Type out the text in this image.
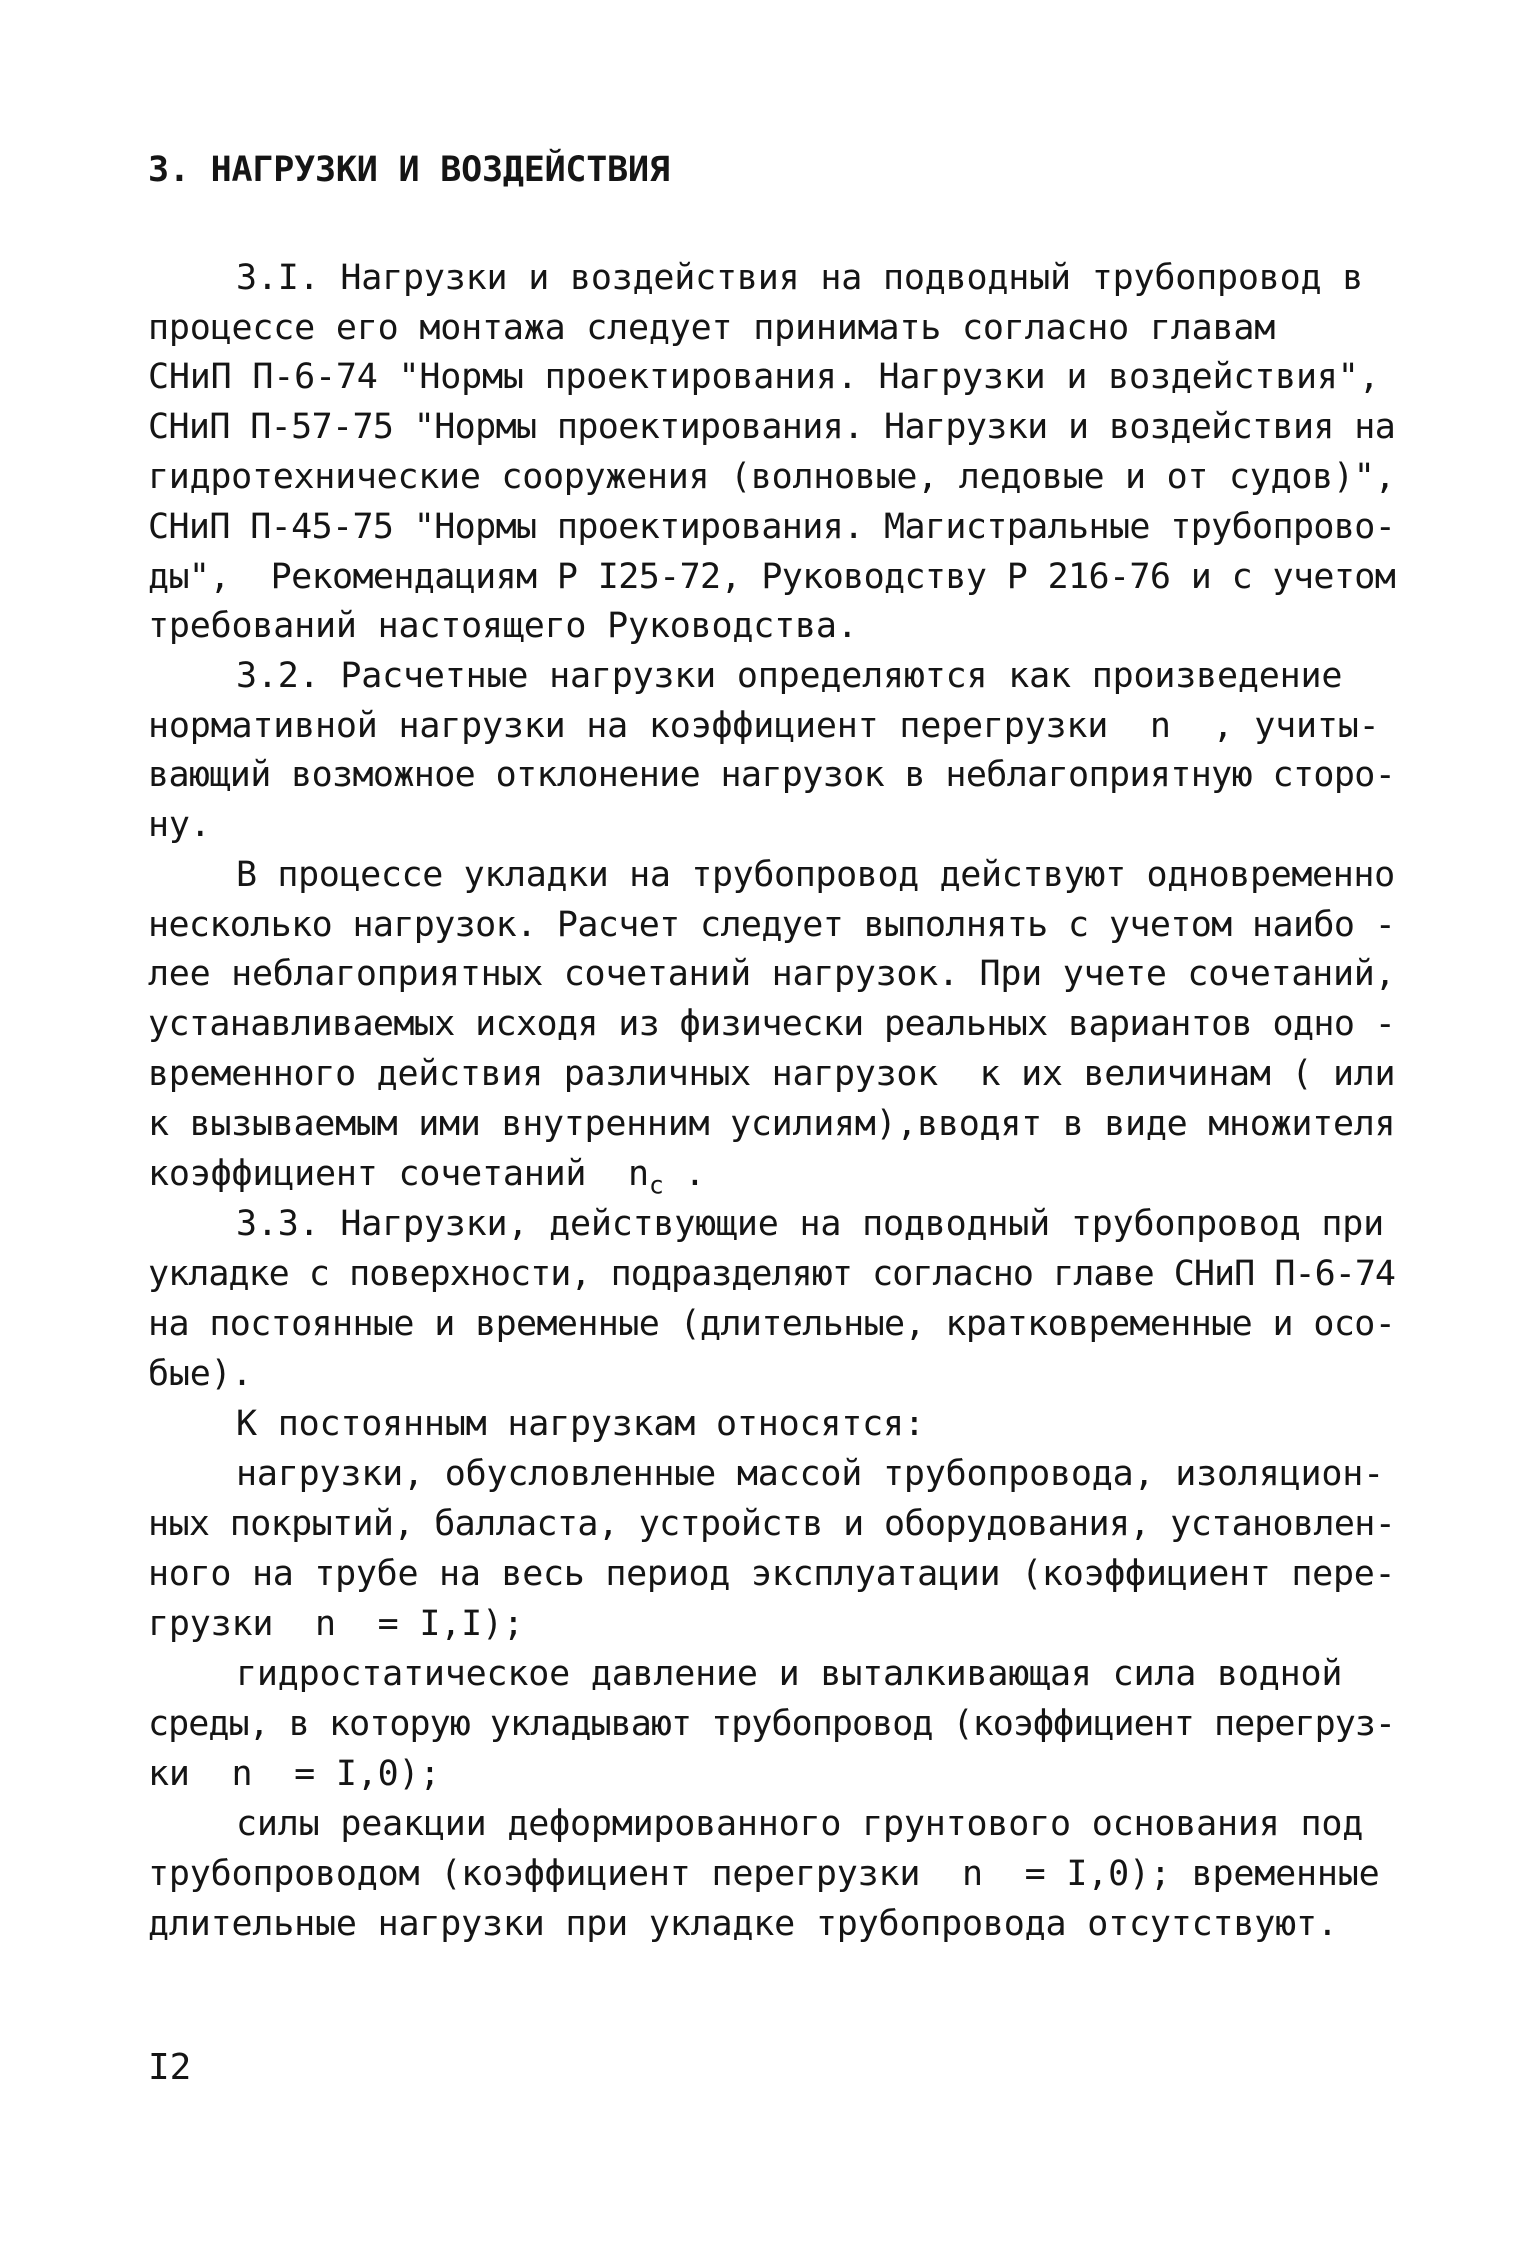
3. НАГРУЗКИ И ВОЗДЕЙСТВИЯ
3.I. Нагрузки и воздействия на подводный трубопровод в
процессе его монтажа следует принимать согласно главам
СНиП П-6-74 "Нормы проектирования. Нагрузки и воздействия",
СНиП П-57-75 "Нормы проектирования. Нагрузки и воздействия на
гидротехнические сооружения (волновые, ледовые и от судов)",
СНиП П-45-75 "Нормы проектирования. Магистральные трубопрово-
ды",  Рекомендациям Р I25-72, Руководству Р 216-76 и с учетом
требований настоящего Руководства.
3.2. Расчетные нагрузки определяются как произведение
нормативной нагрузки на коэффициент перегрузки  n  , учиты-
вающий возможное отклонение нагрузок в неблагоприятную сторо-
ну.
В процессе укладки на трубопровод действуют одновременно
несколько нагрузок. Расчет следует выполнять с учетом наибо -
лее неблагоприятных сочетаний нагрузок. При учете сочетаний,
устанавливаемых исходя из физически реальных вариантов одно -
временного действия различных нагрузок  к их величинам ( или
к вызываемым ими внутренним усилиям),вводят в виде множителя
коэффициент сочетаний  $n_c$ .
3.3. Нагрузки, действующие на подводный трубопровод при
укладке с поверхности, подразделяют согласно главе СНиП П-6-74
на постоянные и временные (длительные, кратковременные и осо-
бые).
К постоянным нагрузкам относятся:
нагрузки, обусловленные массой трубопровода, изоляцион-
ных покрытий, балласта, устройств и оборудования, установлен-
ного на трубе на весь период эксплуатации (коэффициент пере-
грузки  n  = I,I);
гидростатическое давление и выталкивающая сила водной
среды, в которую укладывают трубопровод (коэффициент перегруз-
ки  n  = I,0);
силы реакции деформированного грунтового основания под
трубопроводом (коэффициент перегрузки  n  = I,0); временные
длительные нагрузки при укладке трубопровода отсутствуют.
I2
